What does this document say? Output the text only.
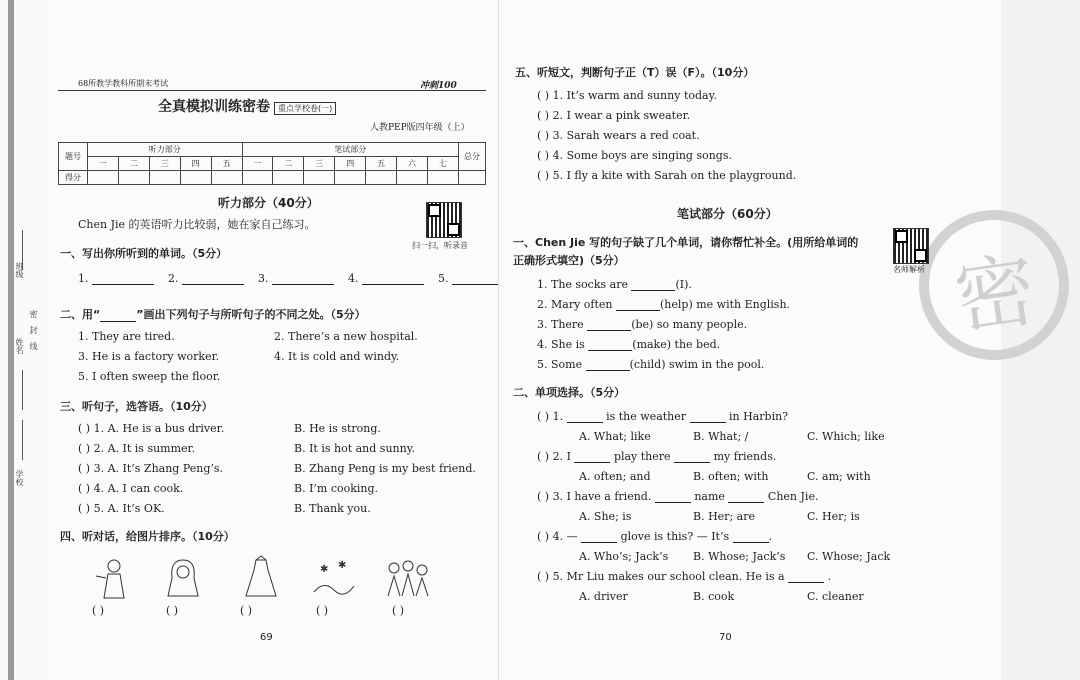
班级
密　封　线
姓名
学校
68所教学教科所期末考试	冲刺100
全真模拟训练密卷 重点学校卷(一)
人教PEP版四年级（上）
题号	听力部分					笔试部分							总分
	一	二	三	四	五	一	二	三	四	五	六	七	
得分													
听力部分（40分）
Chen Jie 的英语听力比较弱，她在家自己练习。
扫一扫，听录音
一、写出你所听到的单词。（5分）
1.	2.	3.	4.	5.
二、用“	”画出下列句子与所听句子的不同之处。（5分）
1. They are tired.	2. There’s a new hospital.
3. He is a factory worker.	4. It is cold and windy.
5. I often sweep the floor.
三、听句子，选答语。（10分）
( ) 1. A. He is a bus driver.	B. He is strong.
( ) 2. A. It is summer.	B. It is hot and sunny.
( ) 3. A. It’s Zhang Peng’s.	B. Zhang Peng is my best friend.
( ) 4. A. I can cook.	B. I’m cooking.
( ) 5. A. It’s OK.	B. Thank you.
四、听对话，给图片排序。（10分）
✱ ✱
( )	( )	( )	( )	( )
69
密
五、听短文，判断句子正（T）误（F）。（10分）
( ) 1. It’s warm and sunny today.
( ) 2. I wear a pink sweater.
( ) 3. Sarah wears a red coat.
( ) 4. Some boys are singing songs.
( ) 5. I fly a kite with Sarah on the playground.
笔试部分（60分）
名师解析
一、Chen Jie 写的句子缺了几个单词，请你帮忙补全。(用所给单词的
正确形式填空)（5分）
1. The socks are	(I).
2. Mary often	(help) me with English.
3. There	(be) so many people.
4. She is	(make) the bed.
5. Some	(child) swim in the pool.
二、单项选择。（5分）
( ) 1.	is the weather	in Harbin?
A. What; like	B. What; /	C. Which; like
( ) 2. I	play there	my friends.
A. often; and	B. often; with	C. am; with
( ) 3. I have a friend.	name	Chen Jie.
A. She; is	B. Her; are	C. Her; is
( ) 4. —	glove is this? — It’s	.
A. Who’s; Jack’s B. Whose; Jack’s C. Whose; Jack
( ) 5. Mr Liu makes our school clean. He is a	.
A. driver	B. cook	C. cleaner
70
